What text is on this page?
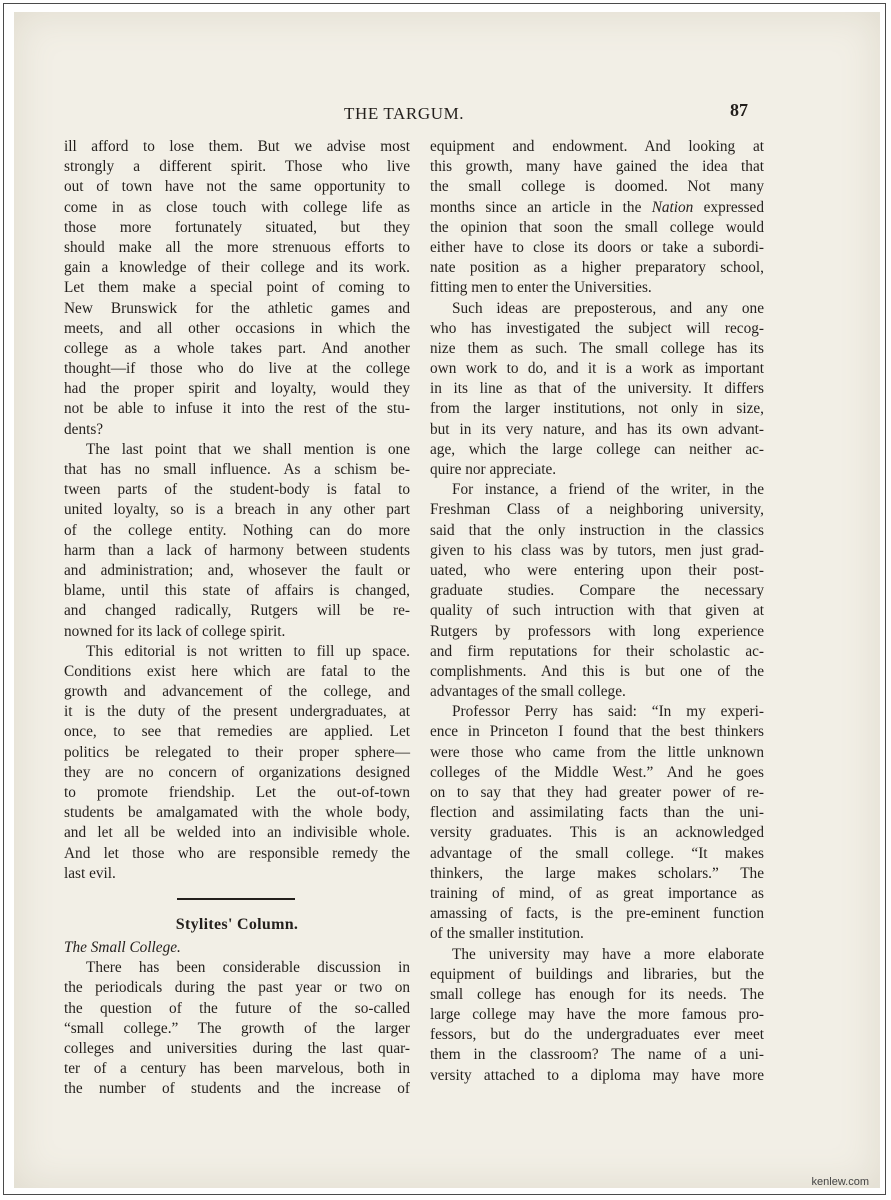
THE TARGUM.	87
ill afford to lose them. But we advise most
strongly a different spirit. Those who live
out of town have not the same opportunity to
come in as close touch with college life as
those more fortunately situated, but they
should make all the more strenuous efforts to
gain a knowledge of their college and its work.
Let them make a special point of coming to
New Brunswick for the athletic games and
meets, and all other occasions in which the
college as a whole takes part. And another
thought—if those who do live at the college
had the proper spirit and loyalty, would they
not be able to infuse it into the rest of the stu-
dents?
The last point that we shall mention is one
that has no small influence. As a schism be-
tween parts of the student-body is fatal to
united loyalty, so is a breach in any other part
of the college entity. Nothing can do more
harm than a lack of harmony between students
and administration; and, whosever the fault or
blame, until this state of affairs is changed,
and changed radically, Rutgers will be re-
nowned for its lack of college spirit.
This editorial is not written to fill up space.
Conditions exist here which are fatal to the
growth and advancement of the college, and
it is the duty of the present undergraduates, at
once, to see that remedies are applied. Let
politics be relegated to their proper sphere—
they are no concern of organizations designed
to promote friendship. Let the out-of-town
students be amalgamated with the whole body,
and let all be welded into an indivisible whole.
And let those who are responsible remedy the
last evil.
Stylites' Column.
The Small College.
There has been considerable discussion in
the periodicals during the past year or two on
the question of the future of the so-called
“small college.” The growth of the larger
colleges and universities during the last quar-
ter of a century has been marvelous, both in
the number of students and the increase of
equipment and endowment. And looking at
this growth, many have gained the idea that
the small college is doomed. Not many
months since an article in the Nation expressed
the opinion that soon the small college would
either have to close its doors or take a subordi-
nate position as a higher preparatory school,
fitting men to enter the Universities.
Such ideas are preposterous, and any one
who has investigated the subject will recog-
nize them as such. The small college has its
own work to do, and it is a work as important
in its line as that of the university. It differs
from the larger institutions, not only in size,
but in its very nature, and has its own advant-
age, which the large college can neither ac-
quire nor appreciate.
For instance, a friend of the writer, in the
Freshman Class of a neighboring university,
said that the only instruction in the classics
given to his class was by tutors, men just grad-
uated, who were entering upon their post-
graduate studies. Compare the necessary
quality of such intruction with that given at
Rutgers by professors with long experience
and firm reputations for their scholastic ac-
complishments. And this is but one of the
advantages of the small college.
Professor Perry has said: “In my experi-
ence in Princeton I found that the best thinkers
were those who came from the little unknown
colleges of the Middle West.” And he goes
on to say that they had greater power of re-
flection and assimilating facts than the uni-
versity graduates. This is an acknowledged
advantage of the small college. “It makes
thinkers, the large makes scholars.” The
training of mind, of as great importance as
amassing of facts, is the pre-eminent function
of the smaller institution.
The university may have a more elaborate
equipment of buildings and libraries, but the
small college has enough for its needs. The
large college may have the more famous pro-
fessors, but do the undergraduates ever meet
them in the classroom? The name of a uni-
versity attached to a diploma may have more
kenlew.com
